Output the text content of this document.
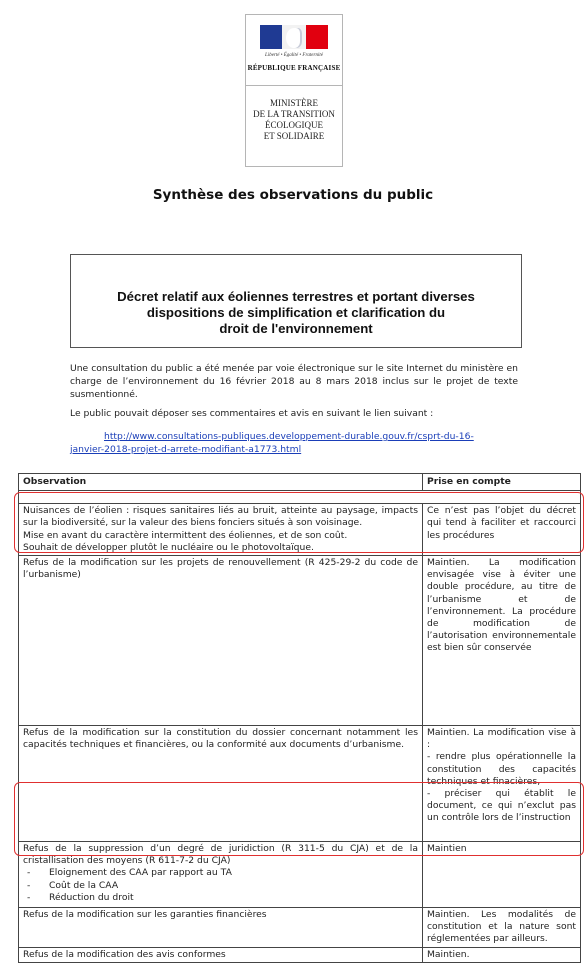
Liberté • Égalité • Fraternité
RÉPUBLIQUE FRANÇAISE
MINISTÈRE
DE LA TRANSITION
ÉCOLOGIQUE
ET SOLIDAIRE
Synthèse des observations du public
Décret relatif aux éoliennes terrestres et portant diverses
dispositions de simplification et clarification du
droit de l'environnement
Une consultation du public a été menée par voie électronique sur le site Internet du ministère en charge de l’environnement du 16 février 2018 au 8 mars 2018 inclus sur le projet de texte susmentionné.
Le public pouvait déposer ses commentaires et avis en suivant le lien suivant :
http://www.consultations-publiques.developpement-durable.gouv.fr/csprt-du-16-
janvier-2018-projet-d-arrete-modifiant-a1773.html
Observation	Prise en compte

Nuisances de l’éolien : risques sanitaires liés au bruit, atteinte au paysage, impacts sur la biodiversité, sur la valeur des biens fonciers situés à son voisinage.
Mise en avant du caractère intermittent des éoliennes, et de son coût.
Souhait de développer plutôt le nucléaire ou le photovoltaïque.	Ce n’est pas l’objet du décret qui tend à faciliter et raccourci les procédures

Refus de la modification sur les projets de renouvellement (R 425-29-2 du code de l’urbanisme)	Maintien. La modification envisagée vise à éviter une double procédure, au titre de l’urbanisme et de l’environnement. La procédure de modification de l’autorisation environnementale est bien sûr conservée

Refus de la modification sur la constitution du dossier concernant notamment les capacités techniques et financières, ou la conformité aux documents d’urbanisme.	Maintien. La modification vise à :
- rendre plus opérationnelle la constitution des capacités techniques et finacières,
- préciser qui établit le document, ce qui n’exclut pas un contrôle lors de l’instruction

Refus de la suppression d’un degré de juridiction (R 311-5 du CJA) et de la cristallisation des moyens (R 611-7-2 du CJA)
- Eloignement des CAA par rapport au TA
- Coût de la CAA
- Réduction du droit	Maintien

Refus de la modification sur les garanties financières	Maintien. Les modalités de constitution et la nature sont réglementées par ailleurs.

Refus de la modification des avis conformes	Maintien.
